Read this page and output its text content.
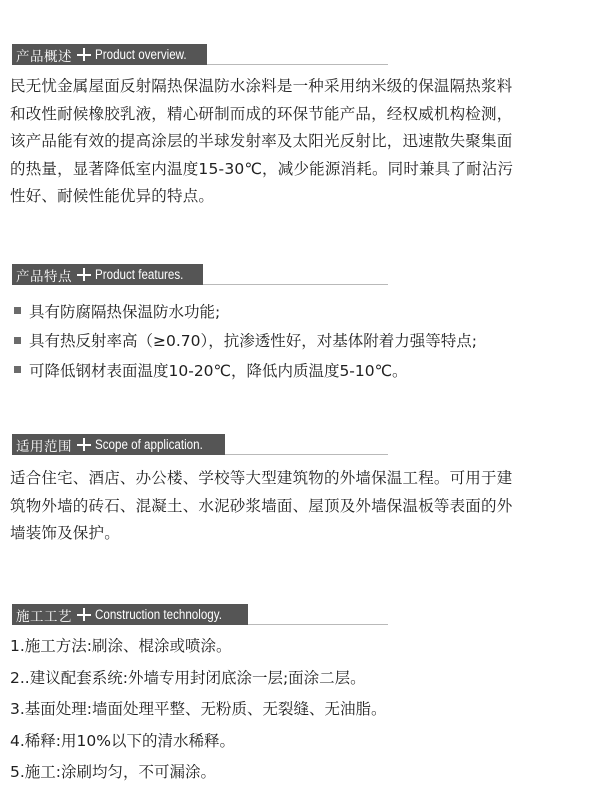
产品概述 Product overview.

民无忧金属屋面反射隔热保温防水涂料是一种采用纳米级的保温隔热浆料

和改性耐候橡胶乳液，精心研制而成的环保节能产品，经权威机构检测，

该产品能有效的提高涂层的半球发射率及太阳光反射比，迅速散失聚集面

的热量，显著降低室内温度15-30℃，减少能源消耗。同时兼具了耐沾污

性好、耐候性能优异的特点。

产品特点 Product features.
具有防腐隔热保温防水功能;
具有热反射率高（≥0.70），抗渗透性好，对基体附着力强等特点;
可降低钢材表面温度10-20℃，降低内质温度5-10℃。
适用范围 Scope of application.

适合住宅、酒店、办公楼、学校等大型建筑物的外墙保温工程。可用于建

筑物外墙的砖石、混凝土、水泥砂浆墙面、屋顶及外墙保温板等表面的外

墙装饰及保护。

施工工艺 Construction technology.
1.施工方法:刷涂、棍涂或喷涂。
2..建议配套系统:外墙专用封闭底涂一层;面涂二层。
3.基面处理:墙面处理平整、无粉质、无裂缝、无油脂。
4.稀释:用10%以下的清水稀释。
5.施工:涂刷均匀，不可漏涂。
